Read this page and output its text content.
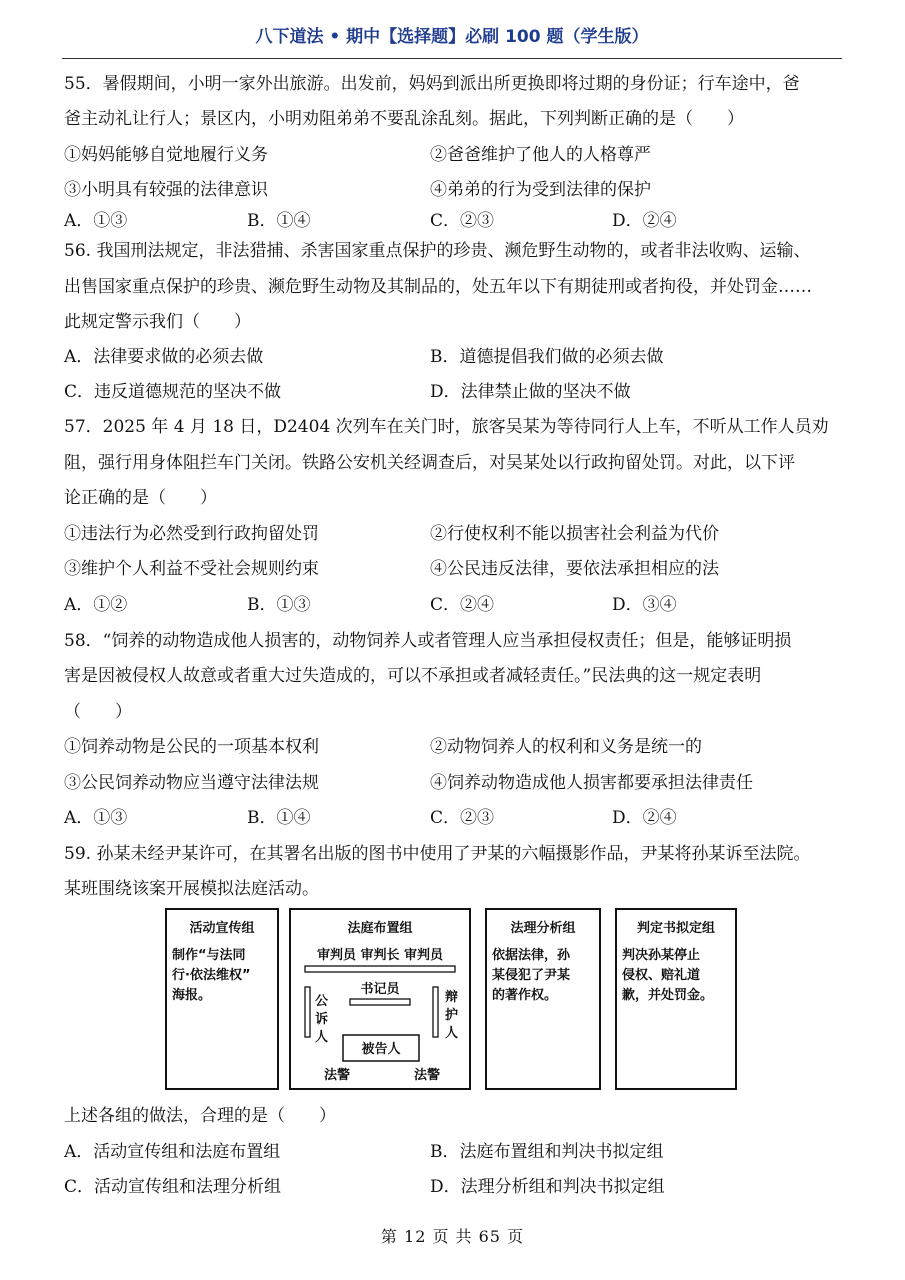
八下道法 • 期中【选择题】必刷 100 题（学生版）
55．暑假期间，小明一家外出旅游。出发前，妈妈到派出所更换即将过期的身份证；行车途中，爸
爸主动礼让行人；景区内，小明劝阻弟弟不要乱涂乱刻。据此，下列判断正确的是（　　）
①妈妈能够自觉地履行义务	②爸爸维护了他人的人格尊严
③小明具有较强的法律意识	④弟弟的行为受到法律的保护
A．①③	B．①④	C．②③	D．②④
56. 我国刑法规定，非法猎捕、杀害国家重点保护的珍贵、濒危野生动物的，或者非法收购、运输、
出售国家重点保护的珍贵、濒危野生动物及其制品的，处五年以下有期徒刑或者拘役，并处罚金……
此规定警示我们（　　）
A．法律要求做的必须去做	B．道德提倡我们做的必须去做
C．违反道德规范的坚决不做	D．法律禁止做的坚决不做
57．2025 年 4 月 18 日，D2404 次列车在关门时，旅客吴某为等待同行人上车，不听从工作人员劝
阻，强行用身体阻拦车门关闭。铁路公安机关经调查后，对吴某处以行政拘留处罚。对此，以下评
论正确的是（　　）
①违法行为必然受到行政拘留处罚	②行使权利不能以损害社会利益为代价
③维护个人利益不受社会规则约束	④公民违反法律，要依法承担相应的法
A．①②	B．①③	C．②④	D．③④
58．“饲养的动物造成他人损害的，动物饲养人或者管理人应当承担侵权责任；但是，能够证明损
害是因被侵权人故意或者重大过失造成的，可以不承担或者减轻责任。”民法典的这一规定表明
（　　）
①饲养动物是公民的一项基本权利	②动物饲养人的权利和义务是统一的
③公民饲养动物应当遵守法律法规	④饲养动物造成他人损害都要承担法律责任
A．①③	B．①④	C．②③	D．②④
59. 孙某未经尹某许可，在其署名出版的图书中使用了尹某的六幅摄影作品，尹某将孙某诉至法院。
某班围绕该案开展模拟法庭活动。
活动宣传组
制作“与法同
行·依法维权”
海报。
法庭布置组
审判员 审判长 审判员
书记员
公
诉
人
辩
护
人
被告人
法警	法警
法理分析组
依据法律，孙
某侵犯了尹某
的著作权。
判定书拟定组
判决孙某停止
侵权、赔礼道
歉，并处罚金。
上述各组的做法，合理的是（　　）
A．活动宣传组和法庭布置组	B．法庭布置组和判决书拟定组
C．活动宣传组和法理分析组	D．法理分析组和判决书拟定组
第 12 页 共 65 页
